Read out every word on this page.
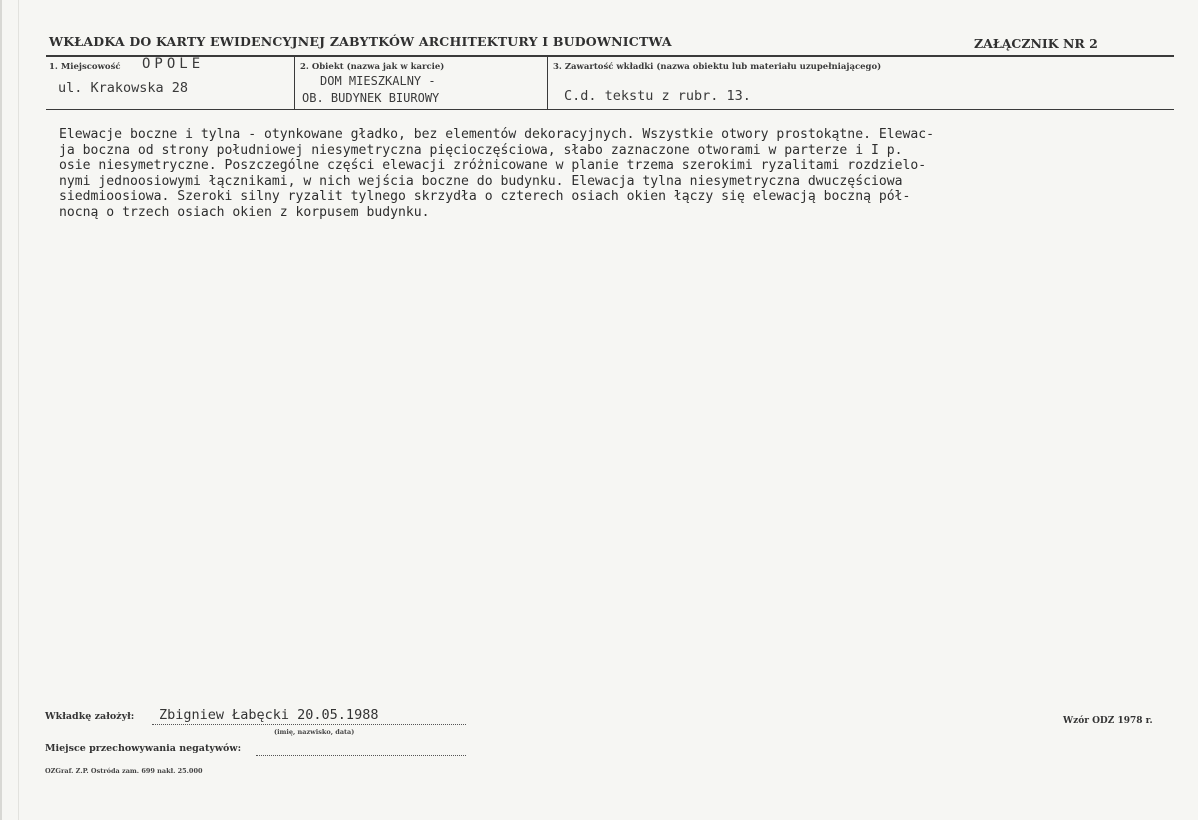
WKŁADKA DO KARTY EWIDENCYJNEJ ZABYTKÓW ARCHITEKTURY I BUDOWNICTWA	ZAŁĄCZNIK NR 2
1. Miejscowość OPOLE
ul. Krakowska 28
2. Obiekt (nazwa jak w karcie)
DOM MIESZKALNY -
OB. BUDYNEK BIUROWY
3. Zawartość wkładki (nazwa obiektu lub materiału uzupełniającego)
C.d. tekstu z rubr. 13.
Elewacje boczne i tylna - otynkowane gładko, bez elementów dekoracyjnych. Wszystkie otwory prostokątne. Elewac-
ja boczna od strony południowej niesymetryczna pięcioczęściowa, słabo zaznaczone otworami w parterze i I p.
osie niesymetryczne. Poszczególne części elewacji zróżnicowane w planie trzema szerokimi ryzalitami rozdzielo-
nymi jednoosiowymi łącznikami, w nich wejścia boczne do budynku. Elewacja tylna niesymetryczna dwuczęściowa
siedmioosiowa. Szeroki silny ryzalit tylnego skrzydła o czterech osiach okien łączy się elewacją boczną pół-
nocną o trzech osiach okien z korpusem budynku.
Wkładkę założył: Zbigniew Łabęcki 20.05.1988
(imię, nazwisko, data)
Miejsce przechowywania negatywów:
Wzór ODZ 1978 r.
OZGraf. Z.P. Ostróda zam. 699 nakł. 25.000
